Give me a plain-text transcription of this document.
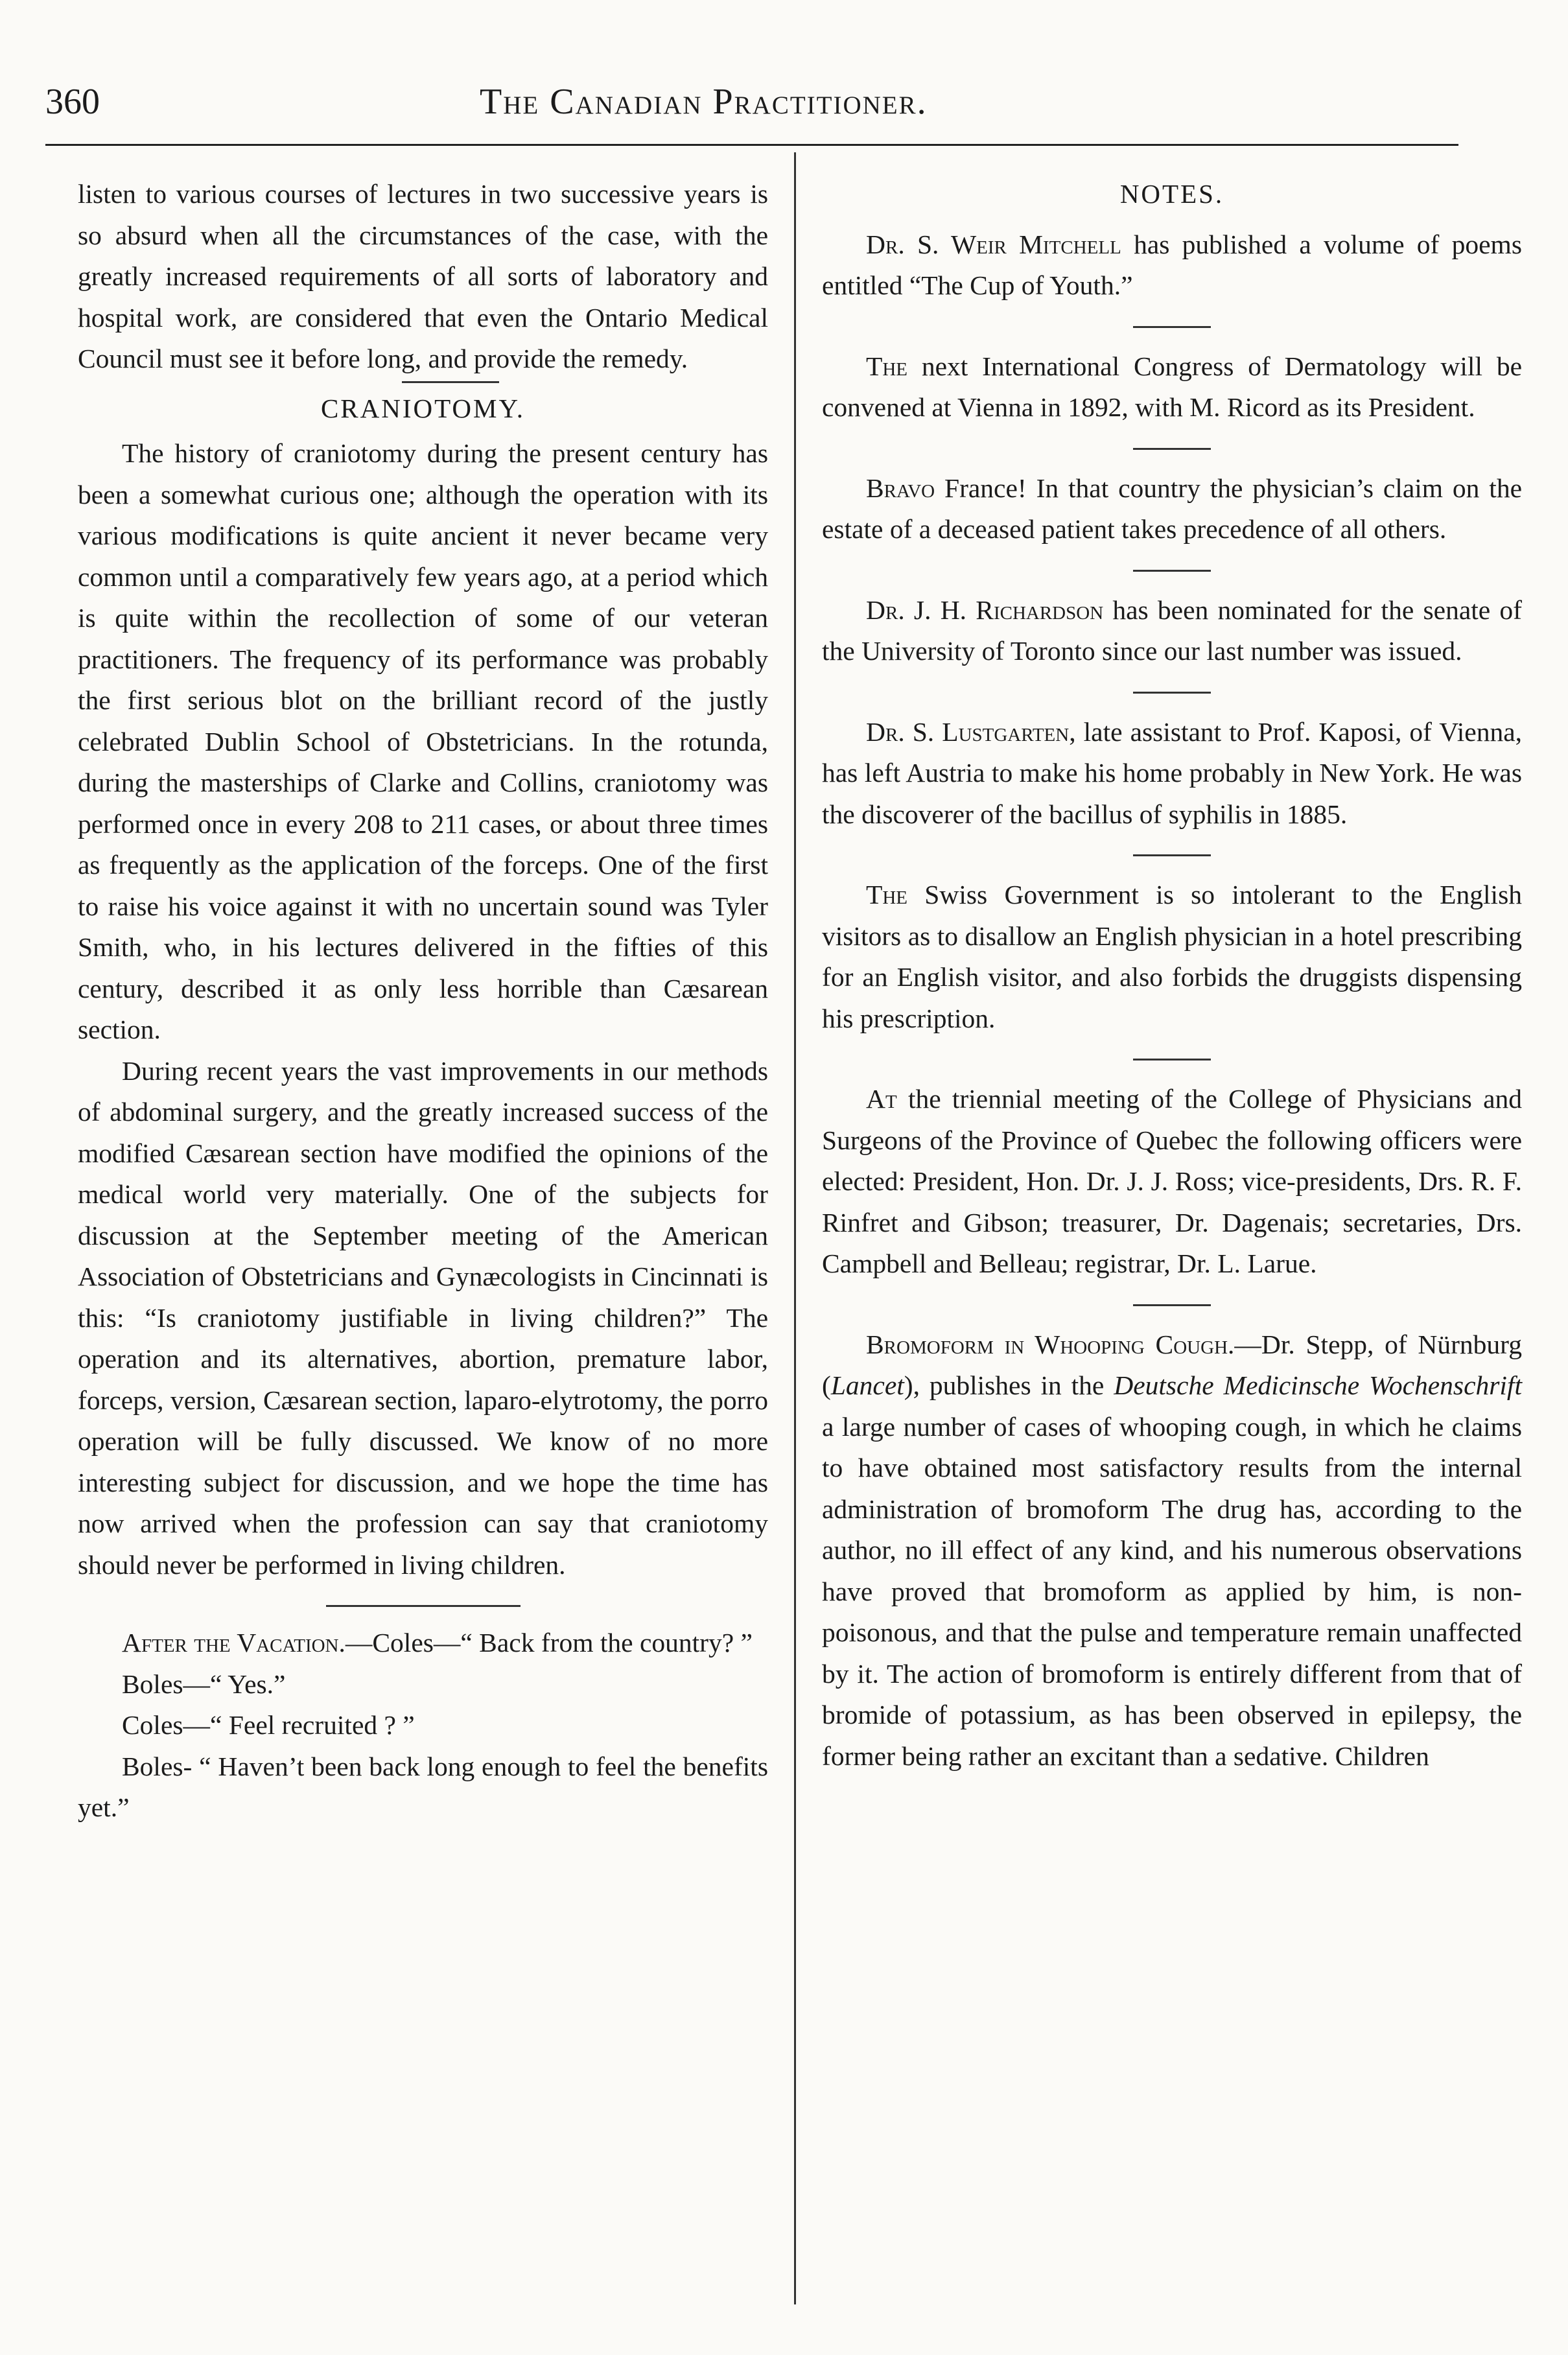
360	The Canadian Practitioner.

listen to various courses of lectures in two successive years is so absurd when all the circumstances of the case, with the greatly increased requirements of all sorts of laboratory and hospital work, are considered that even the Ontario Medical Council must see it before long, and provide the remedy.

CRANIOTOMY.

The history of craniotomy during the present century has been a somewhat curious one; although the operation with its various modifications is quite ancient it never became very common until a comparatively few years ago, at a period which is quite within the recollection of some of our veteran practitioners. The frequency of its performance was probably the first serious blot on the brilliant record of the justly celebrated Dublin School of Obstetricians. In the rotunda, during the masterships of Clarke and Collins, craniotomy was performed once in every 208 to 211 cases, or about three times as frequently as the application of the forceps. One of the first to raise his voice against it with no uncertain sound was Tyler Smith, who, in his lectures delivered in the fifties of this century, described it as only less horrible than Cæsarean section.

During recent years the vast improvements in our methods of abdominal surgery, and the greatly increased success of the modified Cæsarean section have modified the opinions of the medical world very materially. One of the subjects for discussion at the September meeting of the American Association of Obstetricians and Gynæcologists in Cincinnati is this: “Is craniotomy justifiable in living children?” The operation and its alternatives, abortion, premature labor, forceps, version, Cæsarean section, laparo-elytrotomy, the porro operation will be fully discussed. We know of no more interesting subject for discussion, and we hope the time has now arrived when the profession can say that craniotomy should never be performed in living children.

After the Vacation.—Coles—“ Back from the country? ”

Boles—“ Yes.”

Coles—“ Feel recruited ? ”

Boles- “ Haven’t been back long enough to feel the benefits yet.”

NOTES.

Dr. S. Weir Mitchell has published a volume of poems entitled “The Cup of Youth.”

The next International Congress of Dermatology will be convened at Vienna in 1892, with M. Ricord as its President.

Bravo France! In that country the physician’s claim on the estate of a deceased patient takes precedence of all others.

Dr. J. H. Richardson has been nominated for the senate of the University of Toronto since our last number was issued.

Dr. S. Lustgarten, late assistant to Prof. Kaposi, of Vienna, has left Austria to make his home probably in New York. He was the discoverer of the bacillus of syphilis in 1885.

The Swiss Government is so intolerant to the English visitors as to disallow an English physician in a hotel prescribing for an English visitor, and also forbids the druggists dispensing his prescription.

At the triennial meeting of the College of Physicians and Surgeons of the Province of Quebec the following officers were elected: President, Hon. Dr. J. J. Ross; vice-presidents, Drs. R. F. Rinfret and Gibson; treasurer, Dr. Dagenais; secretaries, Drs. Campbell and Belleau; registrar, Dr. L. Larue.

Bromoform in Whooping Cough.—Dr. Stepp, of Nürnburg (Lancet), publishes in the Deutsche Medicinsche Wochenschrift a large number of cases of whooping cough, in which he claims to have obtained most satisfactory results from the internal administration of bromoform The drug has, according to the author, no ill effect of any kind, and his numerous observations have proved that bromoform as applied by him, is non-poisonous, and that the pulse and temperature remain unaffected by it. The action of bromoform is entirely different from that of bromide of potassium, as has been observed in epilepsy, the former being rather an excitant than a sedative. Children
